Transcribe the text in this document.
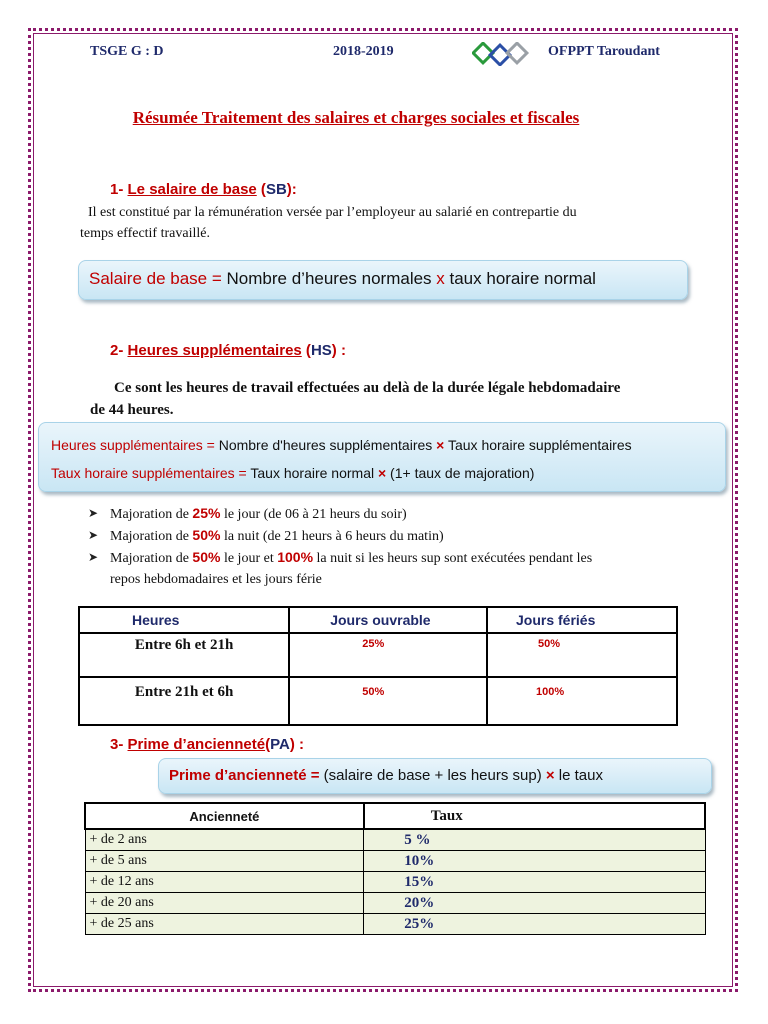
TSGE G : D	2018-2019	OFPPT Taroudant
Résumée Traitement des salaires et charges sociales et fiscales
1- Le salaire de base (SB):
Il est constitué par la rémunération versée par l’employeur au salarié en contrepartie du
temps effectif travaillé.
Salaire de base = Nombre d’heures normales x taux horaire normal
2- Heures supplémentaires (HS) :
Ce sont les heures de travail effectuées au delà de la durée légale hebdomadaire
de 44 heures.
Heures supplémentaires = Nombre d'heures supplémentaires × Taux horaire supplémentaires
Taux horaire supplémentaires = Taux horaire normal × (1+ taux de majoration)
➤ Majoration de 25% le jour (de 06 à 21 heurs du soir)
➤ Majoration de 50% la nuit (de 21 heurs à 6 heurs du matin)
➤ Majoration de 50% le jour et 100% la nuit si les heurs sup sont exécutées pendant les
repos hebdomadaires et les jours férie
Heures	Jours ouvrable	Jours fériés
Entre 6h et 21h	25%	50%
Entre 21h et 6h	50%	100%
3- Prime d’ancienneté(PA) :
Prime d’ancienneté = (salaire de base + les heurs sup) × le taux
Ancienneté	Taux
+ de 2 ans	5 %
+ de 5 ans	10%
+ de 12 ans	15%
+ de 20 ans	20%
+ de 25 ans	25%
